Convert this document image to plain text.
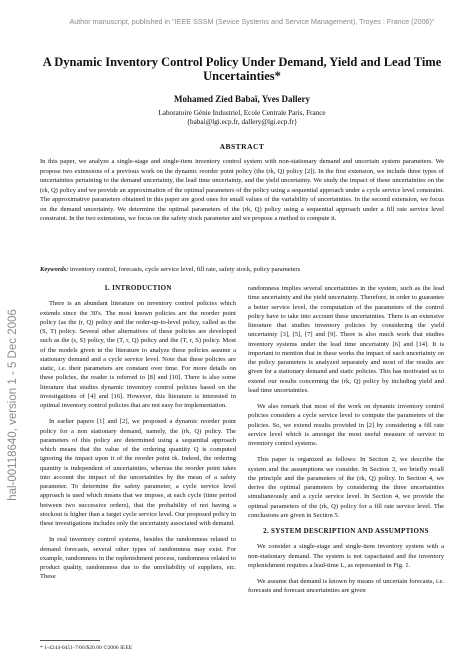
Author manuscript, published in "IEEE SSSM (Sevice Systems and Service Management), Troyes : France (2006)"
hal-00118640, version 1 - 5 Dec 2006
A Dynamic Inventory Control Policy Under Demand, Yield and Lead Time
Uncertainties*
Mohamed Zied Babaï, Yves Dallery
Laboratoire Génie Industriel, Ecole Centrale Paris, France
{babai@lgi.ecp.fr, dallery@lgi.ecp.fr}
ABSTRACT
In this paper, we analyze a single-stage and single-item inventory control system with non-stationary demand and uncertain system parameters. We propose two extensions of a previous work on the dynamic reorder point policy (the (rk, Q) policy [2]). In the first extension, we include three types of uncertainties pertaining to the demand uncertainty, the lead time uncertainty, and the yield uncertainty. We study the impact of these uncertainties on the (rk, Q) policy and we provide an approximation of the optimal parameters of the policy using a sequential approach under a cycle service level constraint. The approximative parameters obtained in this paper are good ones for small values of the variability of uncertainties. In the second extension, we focus on the demand uncertainty. We determine the optimal parameters of the (rk, Q) policy using a sequential approach under a fill rate service level constraint. In the two extensions, we focus on the safety stock parameter and we propose a method to compute it.
Keywords: inventory control, forecasts, cycle service level, fill rate, safety stock, policy parameters
1. INTRODUCTION

There is an abundant literature on inventory control policies which extends since the 30's. The most known policies are the reorder point policy (as the (r, Q) policy and the order-up-to-level policy, called as the (S, T) policy. Several other alternatives of these policies are developed such as the (s, S) policy, the (T, r, Q) policy and the (T, r, S) policy. Most of the models given in the literature to analyze these policies assume a stationary demand and a cycle service level. Note that these policies are static, i.e. their parameters are constant over time. For more details on these policies, the reader is referred to [8] and [10]. There is also some literature that studies dynamic inventory control policies based on the investigations of [4] and [16]. However, this literature is interested in optimal inventory control policies that are not easy for implementation.

In earlier papers [1] and [2], we proposed a dynamic reorder point policy for a non stationary demand, namely, the (rk, Q) policy. The parameters of this policy are determined using a sequential approach which means that the value of the ordering quantity Q is computed ignoring the impact upon it of the reorder point rk. Indeed, the ordering quantity is independent of uncertainties, whereas the reorder point takes into account the impact of the uncertainties by the mean of a safety parameter. To determine the safety parameter, a cycle service level approach is used which means that we impose, at each cycle (time period between two successive orders), that the probability of not having a stockout is higher than a target cycle service level. Our proposed policy in these investigations includes only the uncertainty associated with demand.

In real inventory control systems, besides the randomness related to demand forecasts, several other types of randomness may exist. For example, randomness in the replenishment process, randomness related to product quality, randomness due to the unreliability of suppliers, etc. These

randomness implies several uncertainties in the system, such as the lead time uncertainty and the yield uncertainty. Therefore, in order to guarantee a better service level, the computation of the parameters of the control policy have to take into account these uncertainties. There is an extensive literature that studies inventory policies by considering the yield uncertainty [3], [5], [7] and [9]. There is also much work that studies inventory systems under the lead time uncertainty [6] and [14]. It is important to mention that in these works the impact of each uncertainty on the policy parameters is analyzed separately and most of the results are given for a stationary demand and static policies. This has motivated us to extend our results concerning the (rk, Q) policy by including yield and lead time uncertainties.

We also remark that most of the work on dynamic inventory control policies considers a cycle service level to compute the parameters of the policies. So, we extend results provided in [2] by considering a fill rate service level which is amongst the most useful measure of service in inventory control systems.

This paper is organized as follows: In Section 2, we describe the system and the assumptions we consider. In Section 3, we briefly recall the principle and the parameters of the (rk, Q) policy. In Section 4, we derive the optimal parameters by considering the three uncertainties simultaneously and a cycle service level. In Section 4, we provide the optimal parameters of the (rk, Q) policy for a fill rate service level. The conclusions are given in Section 5.

2. SYSTEM DESCRIPTION AND ASSUMPTIONS

We consider a single-stage and single-item inventory system with a non-stationary demand. The system is not capacitated and the inventory replenishment requires a lead-time L, as represented in Fig. 1.

We assume that demand is known by means of uncertain forecasts, i.e. forecasts and forecast uncertainties are given

* 1-4244-0451-7/06/$20.00 ©2006 IEEE
